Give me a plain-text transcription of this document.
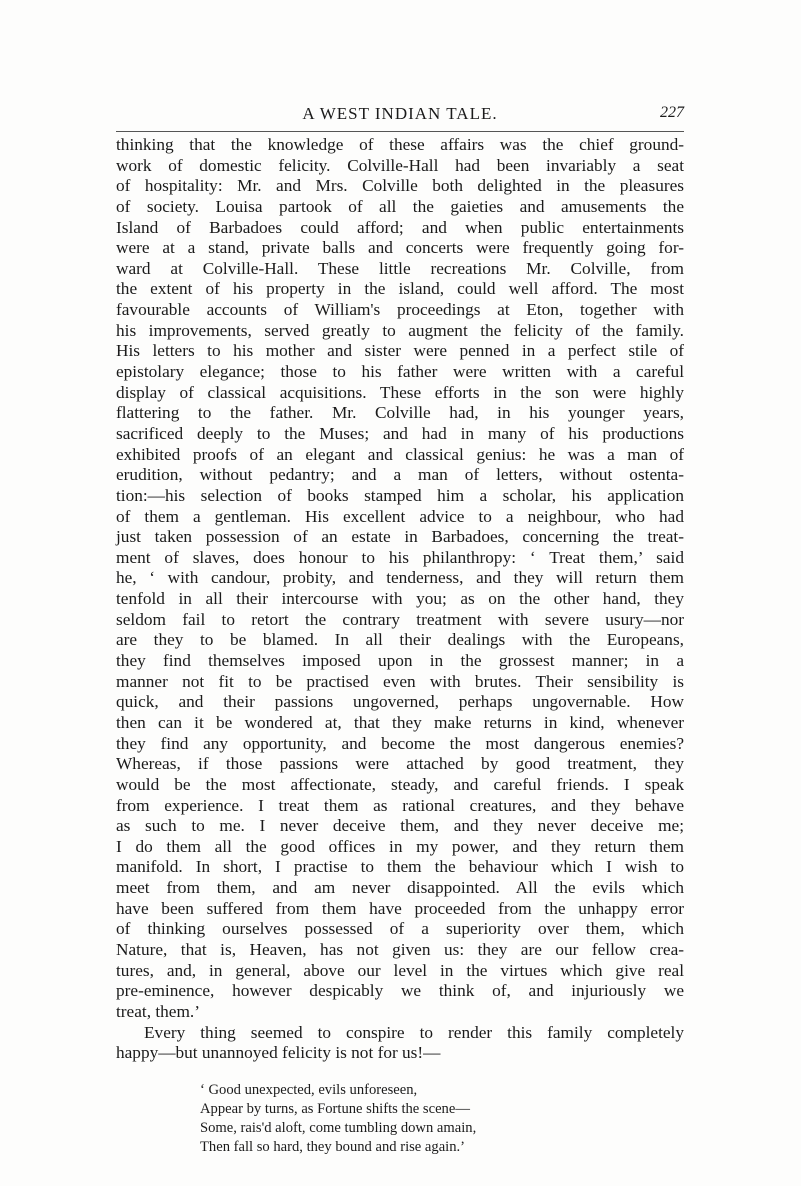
A WEST INDIAN TALE.	227
thinking that the knowledge of these affairs was the chief ground-
work of domestic felicity. Colville-Hall had been invariably a seat
of hospitality: Mr. and Mrs. Colville both delighted in the pleasures
of society. Louisa partook of all the gaieties and amusements the
Island of Barbadoes could afford; and when public entertainments
were at a stand, private balls and concerts were frequently going for-
ward at Colville-Hall. These little recreations Mr. Colville, from
the extent of his property in the island, could well afford. The most
favourable accounts of William's proceedings at Eton, together with
his improvements, served greatly to augment the felicity of the family.
His letters to his mother and sister were penned in a perfect stile of
epistolary elegance; those to his father were written with a careful
display of classical acquisitions. These efforts in the son were highly
flattering to the father. Mr. Colville had, in his younger years,
sacrificed deeply to the Muses; and had in many of his productions
exhibited proofs of an elegant and classical genius: he was a man of
erudition, without pedantry; and a man of letters, without ostenta-
tion:—his selection of books stamped him a scholar, his application
of them a gentleman. His excellent advice to a neighbour, who had
just taken possession of an estate in Barbadoes, concerning the treat-
ment of slaves, does honour to his philanthropy: ‘ Treat them,’ said
he, ‘ with candour, probity, and tenderness, and they will return them
tenfold in all their intercourse with you; as on the other hand, they
seldom fail to retort the contrary treatment with severe usury—nor
are they to be blamed. In all their dealings with the Europeans,
they find themselves imposed upon in the grossest manner; in a
manner not fit to be practised even with brutes. Their sensibility is
quick, and their passions ungoverned, perhaps ungovernable. How
then can it be wondered at, that they make returns in kind, whenever
they find any opportunity, and become the most dangerous enemies?
Whereas, if those passions were attached by good treatment, they
would be the most affectionate, steady, and careful friends. I speak
from experience. I treat them as rational creatures, and they behave
as such to me. I never deceive them, and they never deceive me;
I do them all the good offices in my power, and they return them
manifold. In short, I practise to them the behaviour which I wish to
meet from them, and am never disappointed. All the evils which
have been suffered from them have proceeded from the unhappy error
of thinking ourselves possessed of a superiority over them, which
Nature, that is, Heaven, has not given us: they are our fellow crea-
tures, and, in general, above our level in the virtues which give real
pre-eminence, however despicably we think of, and injuriously we
treat, them.’
Every thing seemed to conspire to render this family completely
happy—but unannoyed felicity is not for us!—
‘ Good unexpected, evils unforeseen,
Appear by turns, as Fortune shifts the scene—
Some, rais'd aloft, come tumbling down amain,
Then fall so hard, they bound and rise again.’
